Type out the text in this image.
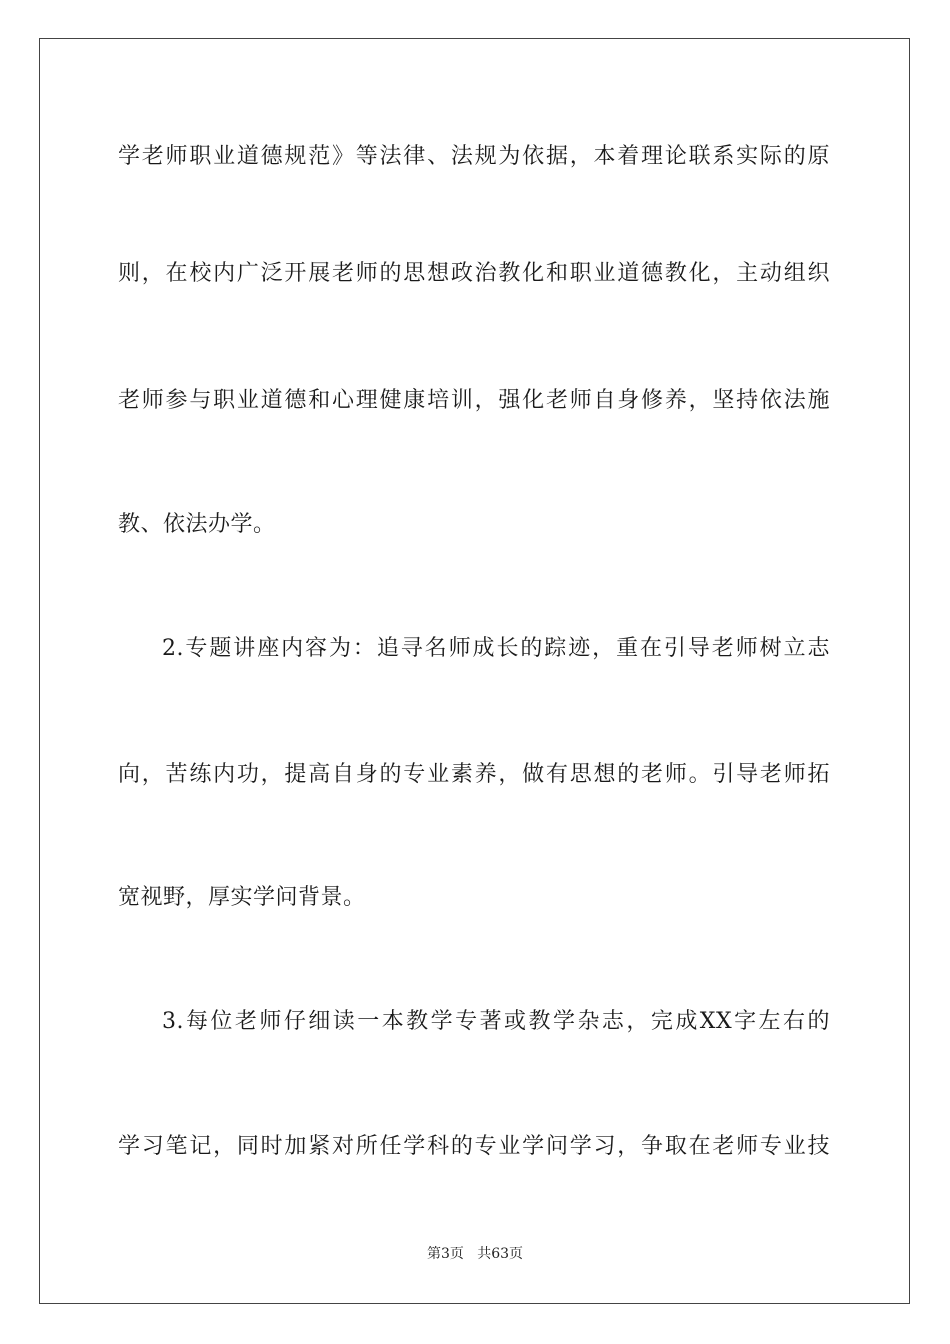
学老师职业道德规范》等法律、法规为依据，本着理论联系实际的原
则，在校内广泛开展老师的思想政治教化和职业道德教化，主动组织
老师参与职业道德和心理健康培训，强化老师自身修养，坚持依法施
教、依法办学。
2.专题讲座内容为：追寻名师成长的踪迹，重在引导老师树立志
向，苦练内功，提高自身的专业素养，做有思想的老师。引导老师拓
宽视野，厚实学问背景。
3.每位老师仔细读一本教学专著或教学杂志，完成XX字左右的
学习笔记，同时加紧对所任学科的专业学问学习，争取在老师专业技
第3页   共63页
